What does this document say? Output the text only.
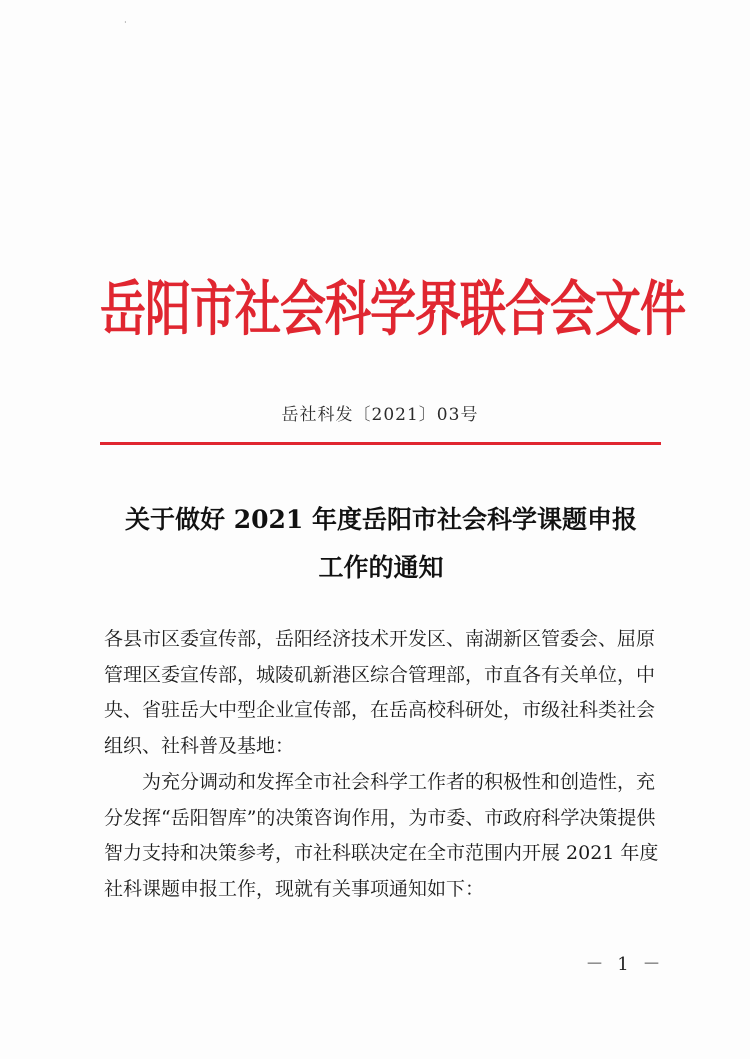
·
岳阳市社会科学界联合会文件
岳社科发〔2021〕03号
关于做好 2021 年度岳阳市社会科学课题申报
工作的通知

各县市区委宣传部，岳阳经济技术开发区、南湖新区管委会、屈原管理区委宣传部，城陵矶新港区综合管理部，市直各有关单位，中央、省驻岳大中型企业宣传部，在岳高校科研处，市级社科类社会组织、社科普及基地：

为充分调动和发挥全市社会科学工作者的积极性和创造性，充分发挥“岳阳智库”的决策咨询作用，为市委、市政府科学决策提供智力支持和决策参考，市社科联决定在全市范围内开展 2021 年度社科课题申报工作，现就有关事项通知如下：

－ 1 －
